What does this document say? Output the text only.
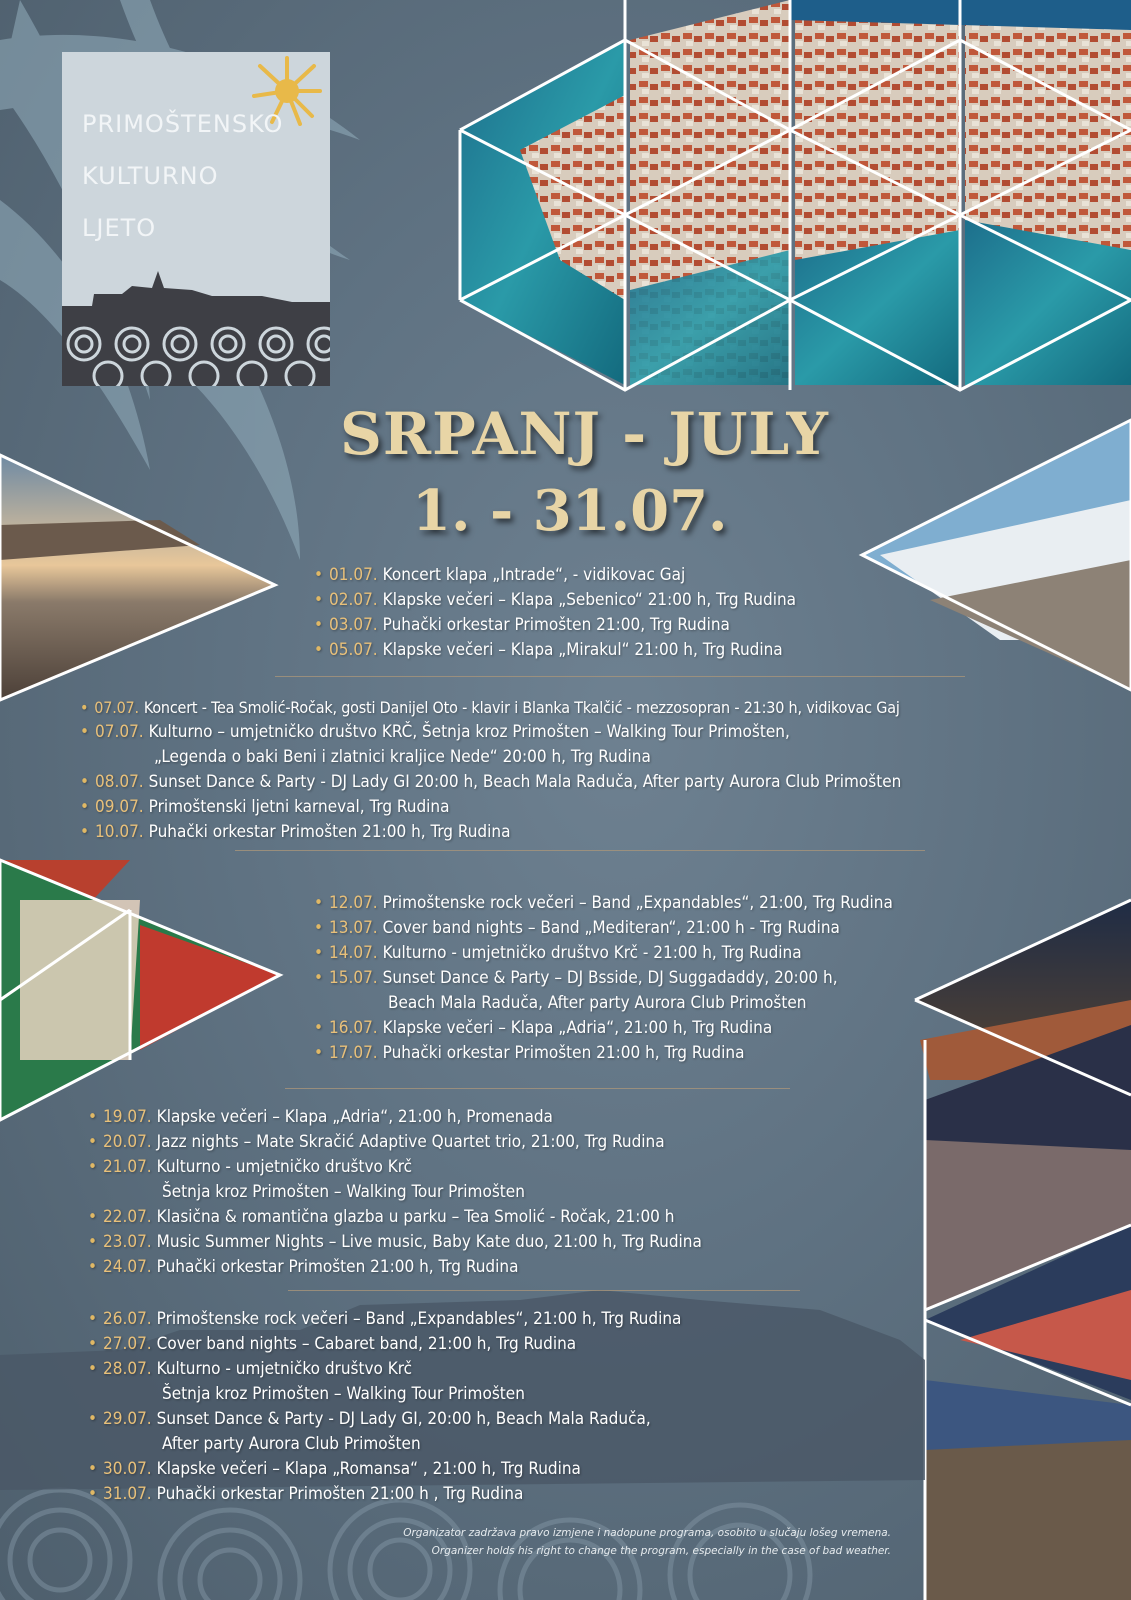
PRIMOŠTENSKO
KULTURNO
LJETO
SRPANJ - JULY
1. - 31.07.
• 01.07. Koncert klapa „Intrade“, - vidikovac Gaj
• 02.07. Klapske večeri – Klapa „Sebenico“ 21:00 h, Trg Rudina
• 03.07. Puhački orkestar Primošten 21:00, Trg Rudina
• 05.07. Klapske večeri – Klapa „Mirakul“ 21:00 h, Trg Rudina
• 07.07. Koncert - Tea Smolić-Ročak, gosti Danijel Oto - klavir i Blanka Tkalčić - mezzosopran - 21:30 h, vidikovac Gaj
• 07.07. Kulturno – umjetničko društvo KRČ, Šetnja kroz Primošten – Walking Tour Primošten,
„Legenda o baki Beni i zlatnici kraljice Nede“ 20:00 h, Trg Rudina
• 08.07. Sunset Dance & Party - DJ Lady GI 20:00 h, Beach Mala Raduča, After party Aurora Club Primošten
• 09.07. Primoštenski ljetni karneval, Trg Rudina
• 10.07. Puhački orkestar Primošten 21:00 h, Trg Rudina
• 12.07. Primoštenske rock večeri – Band „Expandables“, 21:00, Trg Rudina
• 13.07. Cover band nights – Band „Mediteran“, 21:00 h - Trg Rudina
• 14.07. Kulturno - umjetničko društvo Krč - 21:00 h, Trg Rudina
• 15.07. Sunset Dance & Party – DJ Bsside, DJ Suggadaddy, 20:00 h,
Beach Mala Raduča, After party Aurora Club Primošten
• 16.07. Klapske večeri – Klapa „Adria“, 21:00 h, Trg Rudina
• 17.07. Puhački orkestar Primošten 21:00 h, Trg Rudina
• 19.07. Klapske večeri – Klapa „Adria“, 21:00 h, Promenada
• 20.07. Jazz nights – Mate Skračić Adaptive Quartet trio, 21:00, Trg Rudina
• 21.07. Kulturno - umjetničko društvo Krč
Šetnja kroz Primošten – Walking Tour Primošten
• 22.07. Klasična & romantična glazba u parku – Tea Smolić - Ročak, 21:00 h
• 23.07. Music Summer Nights – Live music, Baby Kate duo, 21:00 h, Trg Rudina
• 24.07. Puhački orkestar Primošten 21:00 h, Trg Rudina
• 26.07. Primoštenske rock večeri – Band „Expandables“, 21:00 h, Trg Rudina
• 27.07. Cover band nights – Cabaret band, 21:00 h, Trg Rudina
• 28.07. Kulturno - umjetničko društvo Krč
Šetnja kroz Primošten – Walking Tour Primošten
• 29.07. Sunset Dance & Party - DJ Lady GI, 20:00 h, Beach Mala Raduča,
After party Aurora Club Primošten
• 30.07. Klapske večeri – Klapa „Romansa“ , 21:00 h, Trg Rudina
• 31.07. Puhački orkestar Primošten 21:00 h , Trg Rudina
Organizator zadržava pravo izmjene i nadopune programa, osobito u slučaju lošeg vremena.
Organizer holds his right to change the program, especially in the case of bad weather.
